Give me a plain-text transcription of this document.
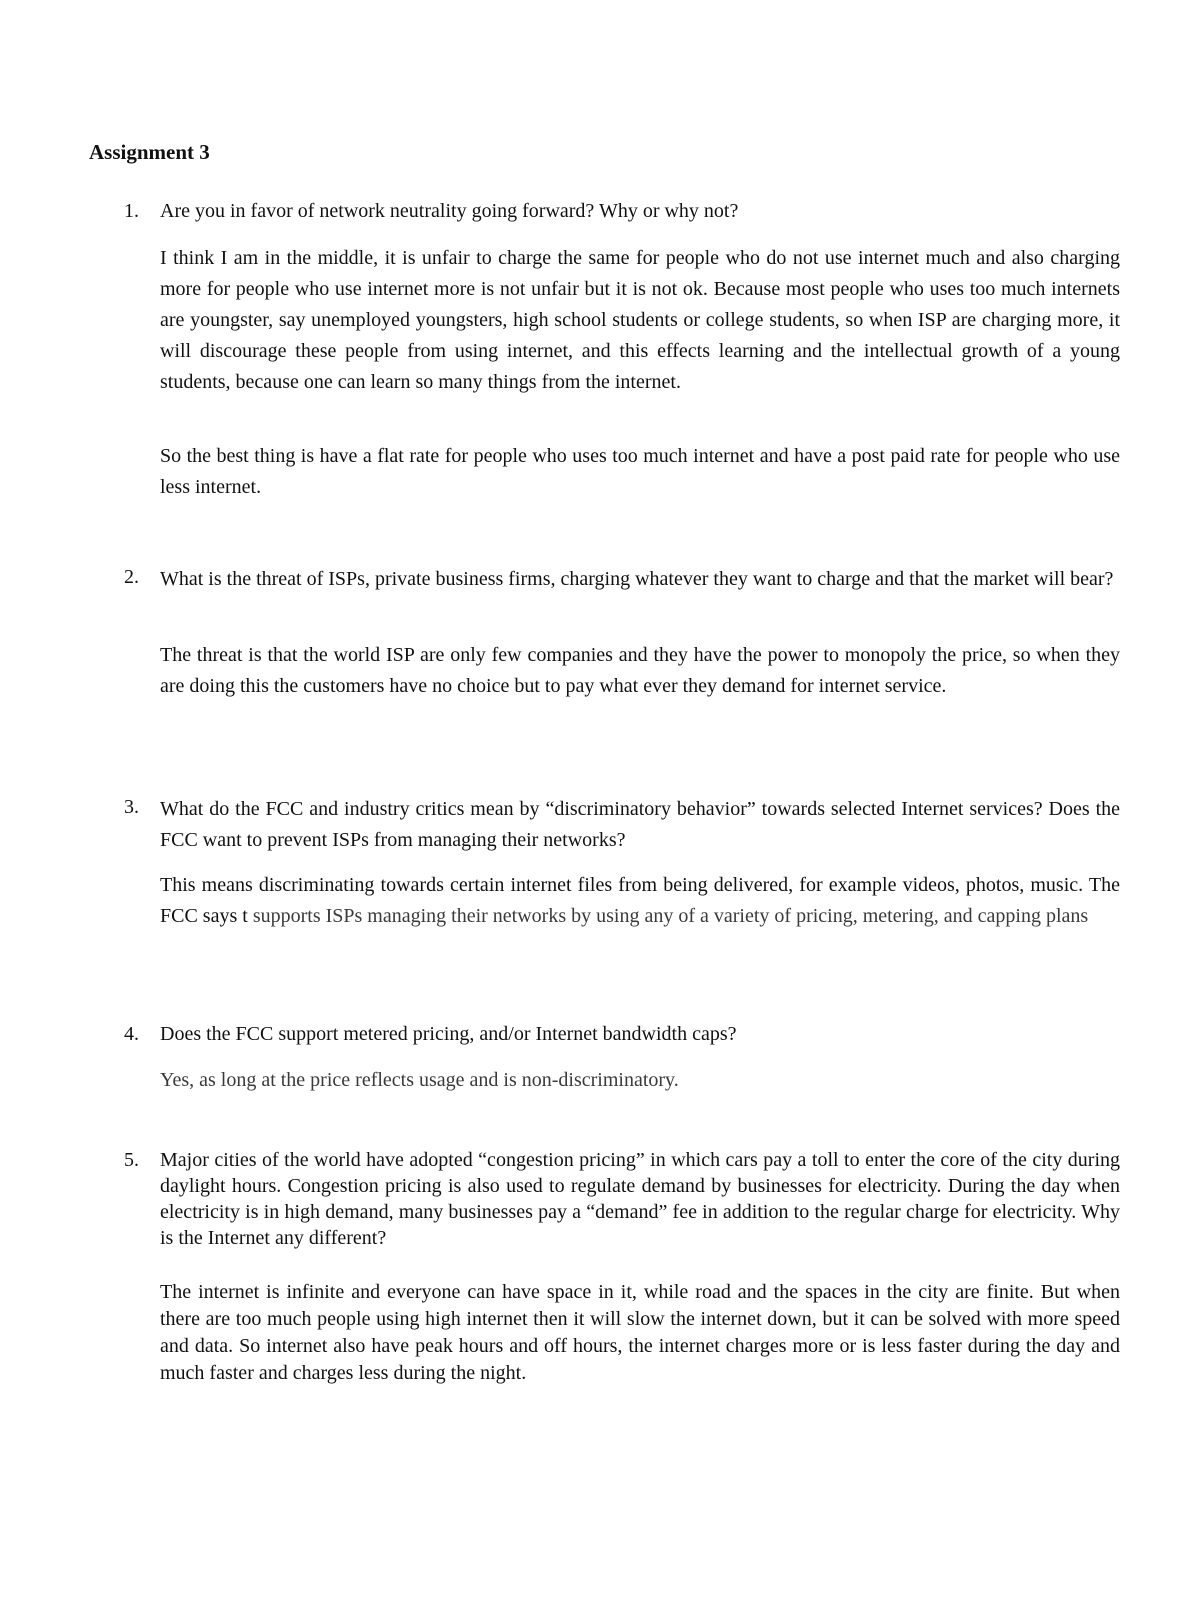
Assignment 3
1.	Are you in favor of network neutrality going forward? Why or why not?

I think I am in the middle, it is unfair to charge the same for people who do not use internet much and also charging more for people who use internet more is not unfair but it is not ok. Because most people who uses too much internets are youngster, say unemployed youngsters, high school students or college students, so when ISP are charging more, it will discourage these people from using internet, and this effects learning and the intellectual growth of a young students, because one can learn so many things from the internet.

So the best thing is have a flat rate for people who uses too much internet and have a post paid rate for people who use less internet.

2.	What is the threat of ISPs, private business firms, charging whatever they want to charge and that the market will bear?

The threat is that the world ISP are only few companies and they have the power to monopoly the price, so when they are doing this the customers have no choice but to pay what ever they demand for internet service.

3.	What do the FCC and industry critics mean by “discriminatory behavior” towards selected Internet services? Does the FCC want to prevent ISPs from managing their networks?

This means discriminating towards certain internet files from being delivered, for example videos, photos, music. The FCC says t supports ISPs managing their networks by using any of a variety of pricing, metering, and capping plans

4.	Does the FCC support metered pricing, and/or Internet bandwidth caps?

Yes, as long at the price reflects usage and is non-discriminatory.

5.	Major cities of the world have adopted “congestion pricing” in which cars pay a toll to enter the core of the city during daylight hours. Congestion pricing is also used to regulate demand by businesses for electricity. During the day when electricity is in high demand, many businesses pay a “demand” fee in addition to the regular charge for electricity. Why is the Internet any different?

The internet is infinite and everyone can have space in it, while road and the spaces in the city are finite. But when there are too much people using high internet then it will slow the internet down, but it can be solved with more speed and data. So internet also have peak hours and off hours, the internet charges more or is less faster during the day and much faster and charges less during the night.
